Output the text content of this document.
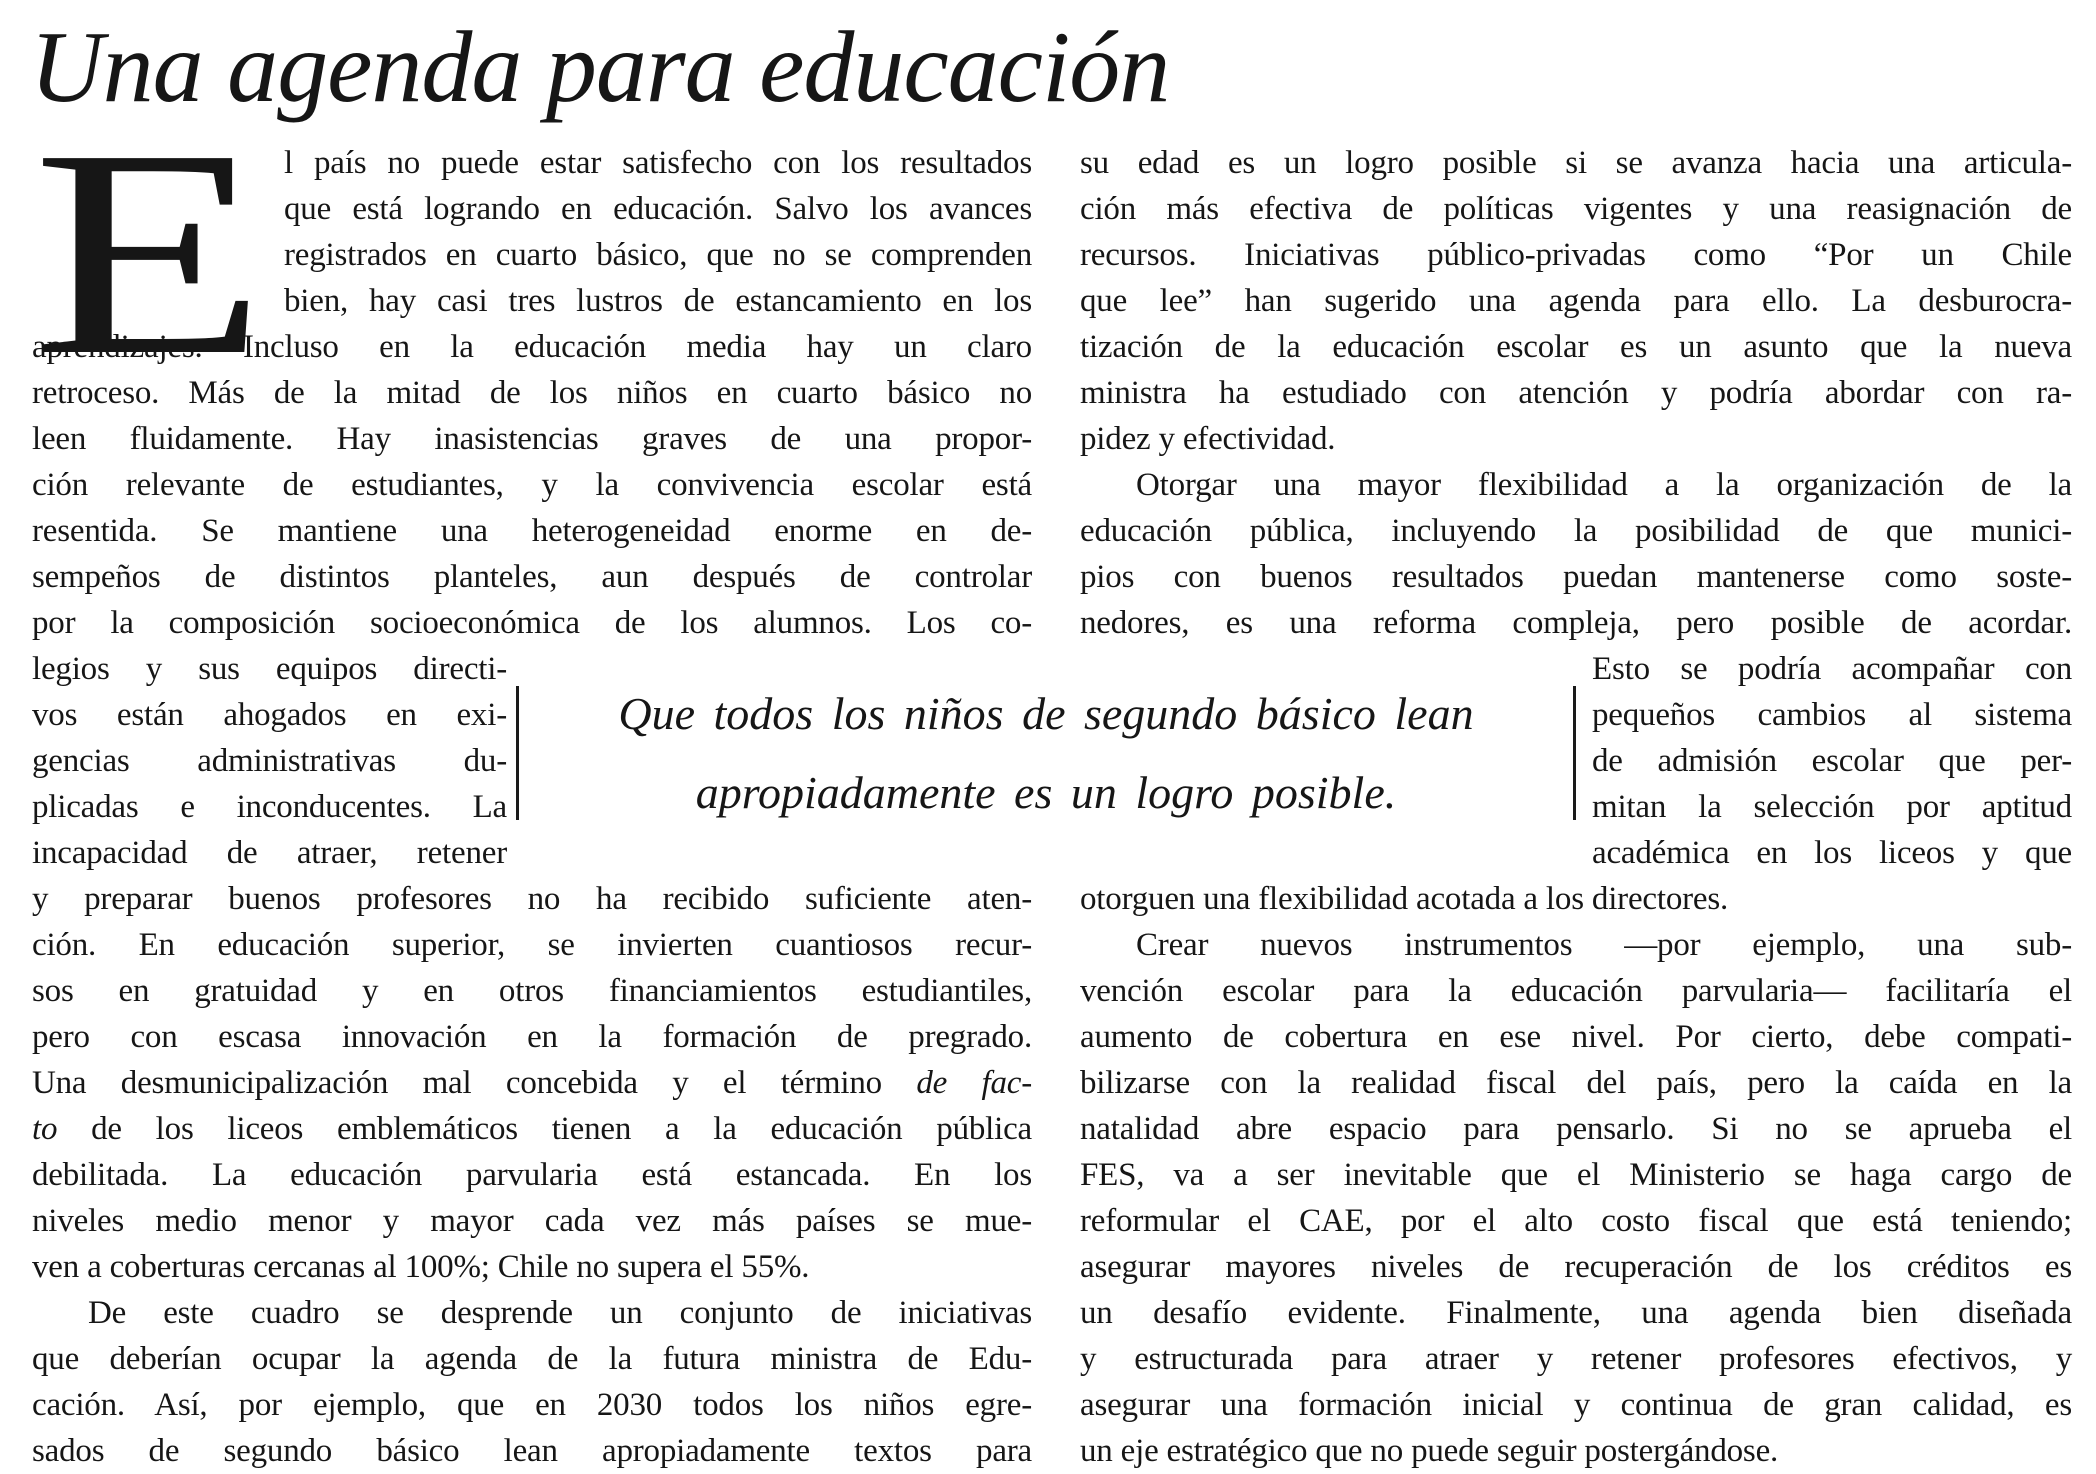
Una agenda para educación
E l país no puede estar satisfecho con los resultados
que está logrando en educación. Salvo los avances
registrados en cuarto básico, que no se comprenden
bien, hay casi tres lustros de estancamiento en los
aprendizajes. Incluso en la educación media hay un claro
retroceso. Más de la mitad de los niños en cuarto básico no
leen fluidamente. Hay inasistencias graves de una propor-
ción relevante de estudiantes, y la convivencia escolar está
resentida. Se mantiene una heterogeneidad enorme en de-
sempeños de distintos planteles, aun después de controlar
por la composición socioeconómica de los alumnos. Los co-
legios y sus equipos directi-
vos están ahogados en exi-
gencias administrativas du-
plicadas e inconducentes. La
incapacidad de atraer, retener
y preparar buenos profesores no ha recibido suficiente aten-
ción. En educación superior, se invierten cuantiosos recur-
sos en gratuidad y en otros financiamientos estudiantiles,
pero con escasa innovación en la formación de pregrado.
Una desmunicipalización mal concebida y el término de fac-
to de los liceos emblemáticos tienen a la educación pública
debilitada. La educación parvularia está estancada. En los
niveles medio menor y mayor cada vez más países se mue-
ven a coberturas cercanas al 100%; Chile no supera el 55%.
De este cuadro se desprende un conjunto de iniciativas
que deberían ocupar la agenda de la futura ministra de Edu-
cación. Así, por ejemplo, que en 2030 todos los niños egre-
sados de segundo básico lean apropiadamente textos para
su edad es un logro posible si se avanza hacia una articula-
ción más efectiva de políticas vigentes y una reasignación de
recursos. Iniciativas público-privadas como “Por un Chile
que lee” han sugerido una agenda para ello. La desburocra-
tización de la educación escolar es un asunto que la nueva
ministra ha estudiado con atención y podría abordar con ra-
pidez y efectividad.
Otorgar una mayor flexibilidad a la organización de la
educación pública, incluyendo la posibilidad de que munici-
pios con buenos resultados puedan mantenerse como soste-
nedores, es una reforma compleja, pero posible de acordar.
Esto se podría acompañar con
pequeños cambios al sistema
de admisión escolar que per-
mitan la selección por aptitud
académica en los liceos y que
otorguen una flexibilidad acotada a los directores.
Crear nuevos instrumentos —por ejemplo, una sub-
vención escolar para la educación parvularia— facilitaría el
aumento de cobertura en ese nivel. Por cierto, debe compati-
bilizarse con la realidad fiscal del país, pero la caída en la
natalidad abre espacio para pensarlo. Si no se aprueba el
FES, va a ser inevitable que el Ministerio se haga cargo de
reformular el CAE, por el alto costo fiscal que está teniendo;
asegurar mayores niveles de recuperación de los créditos es
un desafío evidente. Finalmente, una agenda bien diseñada
y estructurada para atraer y retener profesores efectivos, y
asegurar una formación inicial y continua de gran calidad, es
un eje estratégico que no puede seguir postergándose.
Que todos los niños de segundo básico lean
apropiadamente es un logro posible.
